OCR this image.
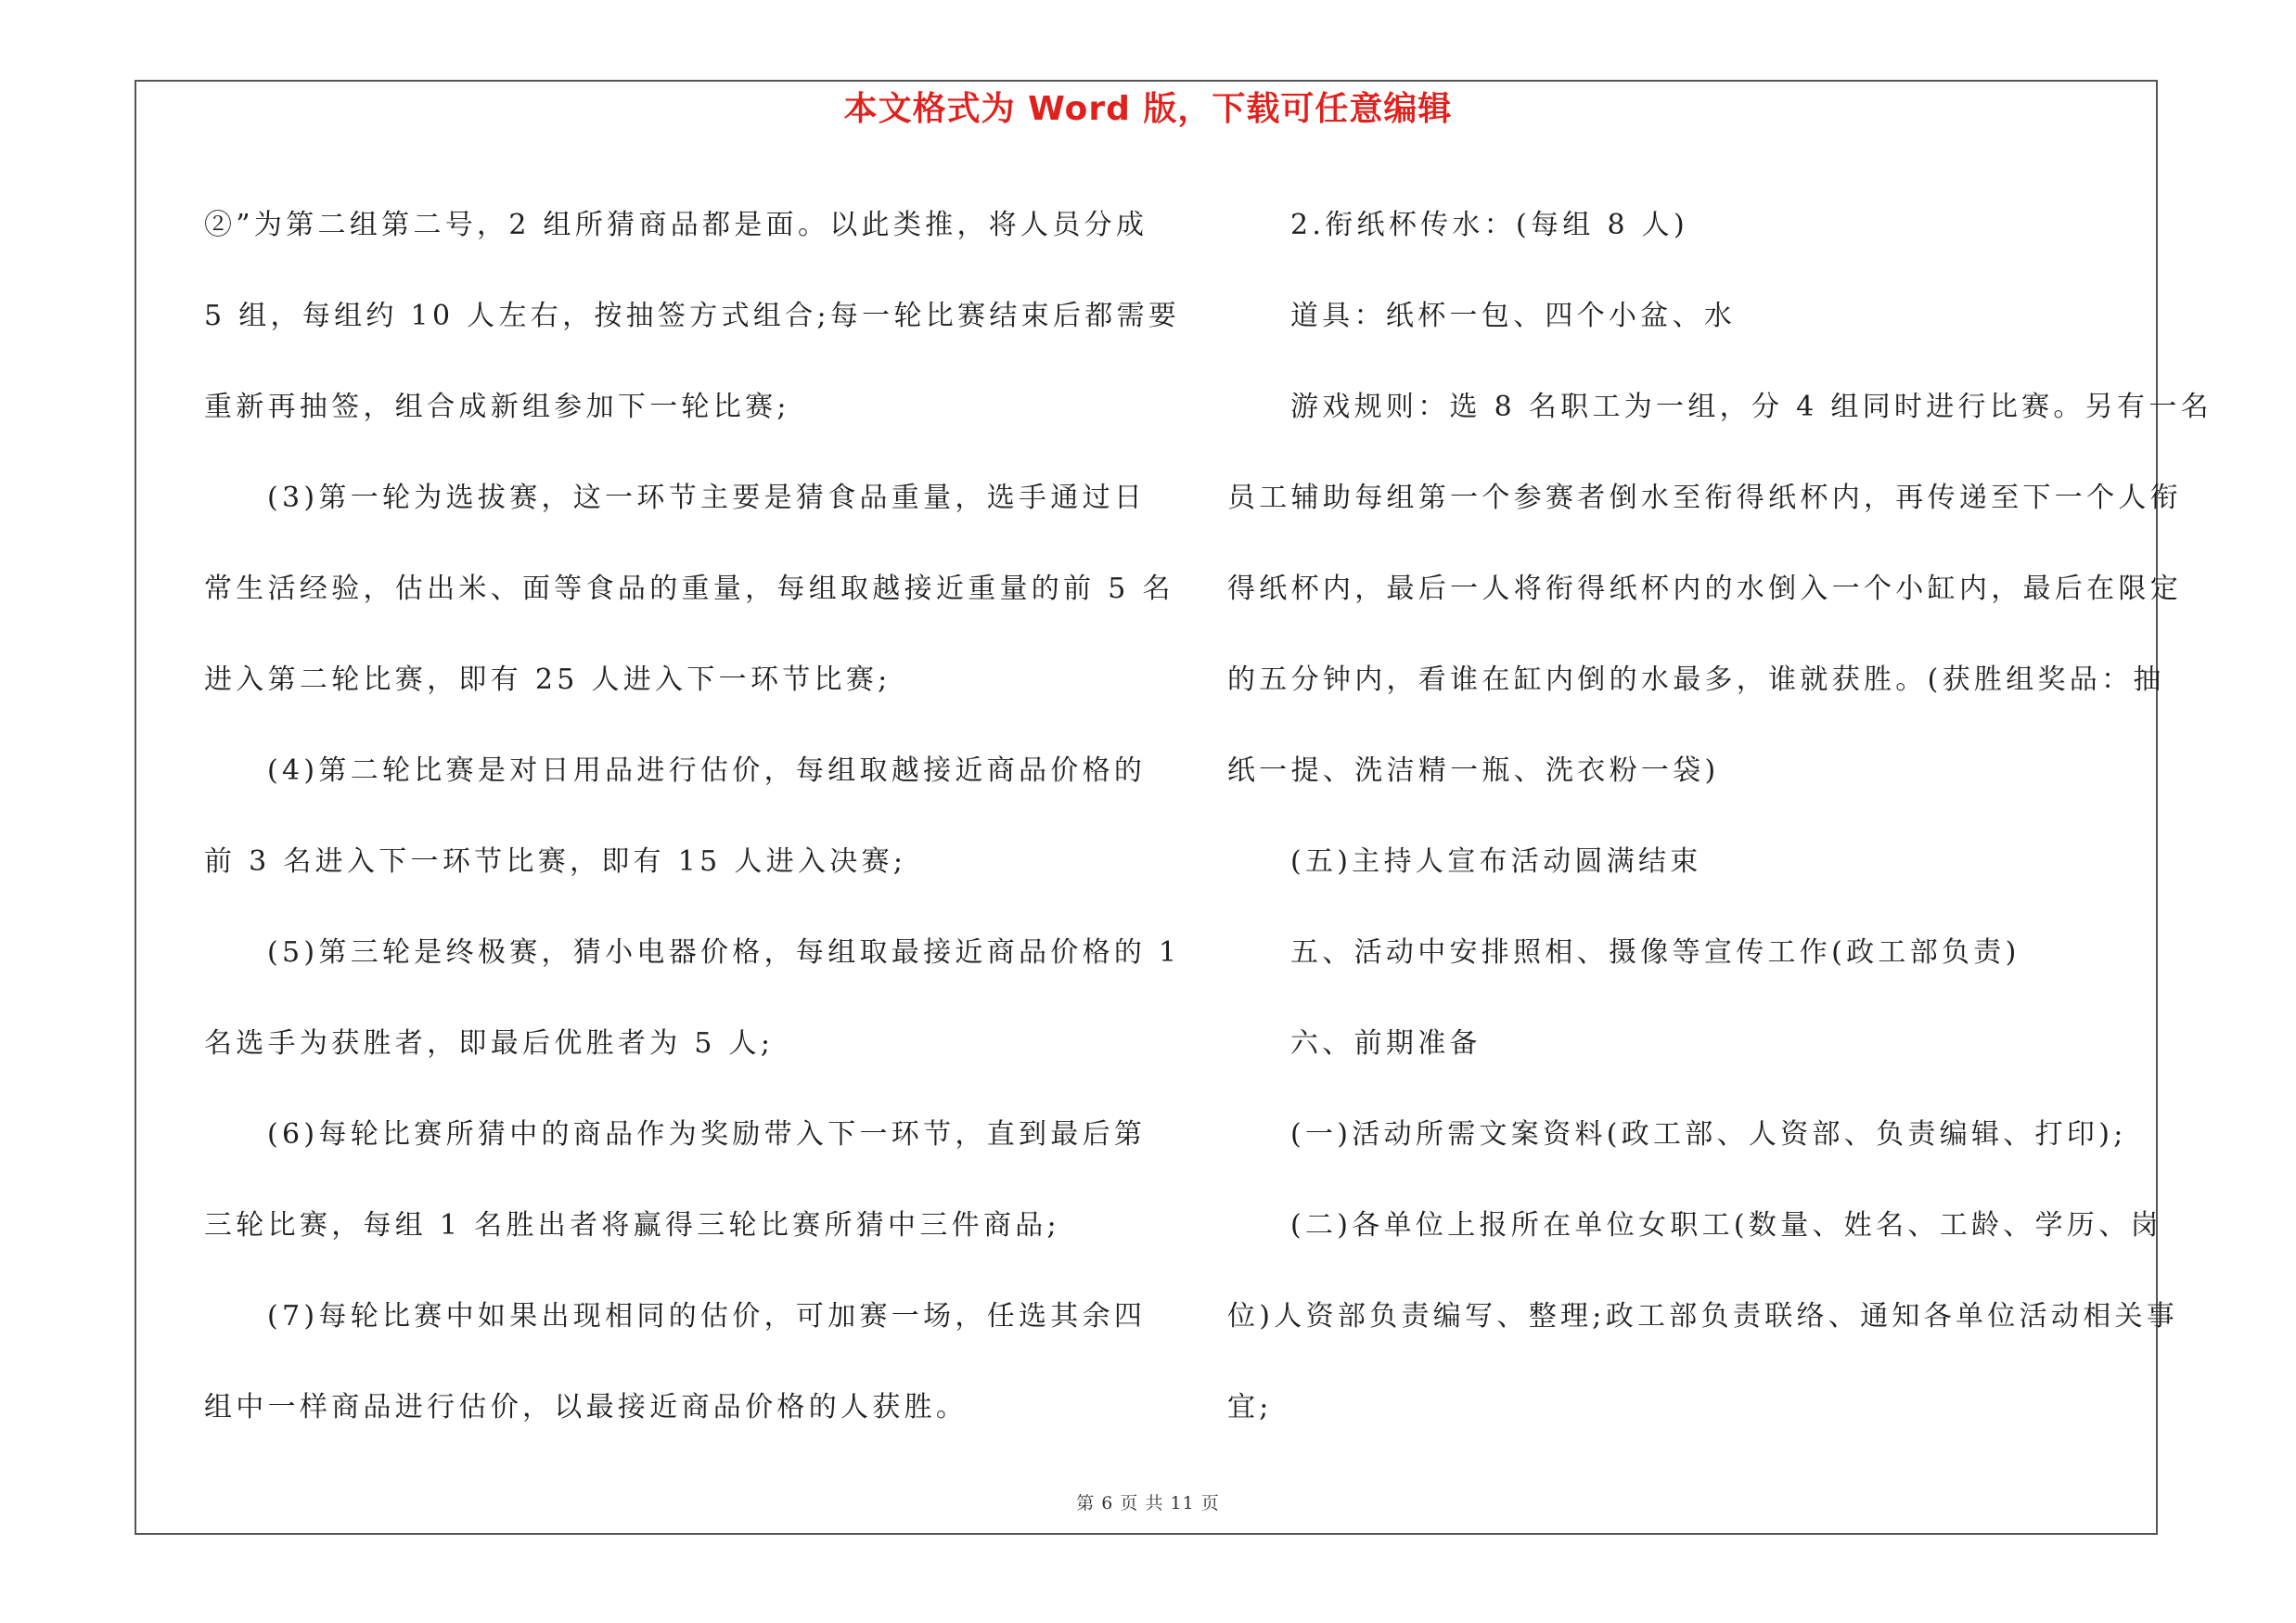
本文格式为 Word 版，下载可任意编辑

②”为第二组第二号，2 组所猜商品都是面。以此类推，将人员分成

5 组，每组约 10 人左右，按抽签方式组合;每一轮比赛结束后都需要

重新再抽签，组合成新组参加下一轮比赛;

(3)第一轮为选拔赛，这一环节主要是猜食品重量，选手通过日

常生活经验，估出米、面等食品的重量，每组取越接近重量的前 5 名

进入第二轮比赛，即有 25 人进入下一环节比赛;

(4)第二轮比赛是对日用品进行估价，每组取越接近商品价格的

前 3 名进入下一环节比赛，即有 15 人进入决赛;

(5)第三轮是终极赛，猜小电器价格，每组取最接近商品价格的 1

名选手为获胜者，即最后优胜者为 5 人;

(6)每轮比赛所猜中的商品作为奖励带入下一环节，直到最后第

三轮比赛，每组 1 名胜出者将赢得三轮比赛所猜中三件商品;

(7)每轮比赛中如果出现相同的估价，可加赛一场，任选其余四

组中一样商品进行估价，以最接近商品价格的人获胜。

2.衔纸杯传水：(每组 8 人)

道具：纸杯一包、四个小盆、水

游戏规则：选 8 名职工为一组，分 4 组同时进行比赛。另有一名

员工辅助每组第一个参赛者倒水至衔得纸杯内，再传递至下一个人衔

得纸杯内，最后一人将衔得纸杯内的水倒入一个小缸内，最后在限定

的五分钟内，看谁在缸内倒的水最多，谁就获胜。(获胜组奖品：抽

纸一提、洗洁精一瓶、洗衣粉一袋)

(五)主持人宣布活动圆满结束

五、活动中安排照相、摄像等宣传工作(政工部负责)

六、前期准备

(一)活动所需文案资料(政工部、人资部、负责编辑、打印);

(二)各单位上报所在单位女职工(数量、姓名、工龄、学历、岗

位)人资部负责编写、整理;政工部负责联络、通知各单位活动相关事

宜;

第 6 页 共 11 页
